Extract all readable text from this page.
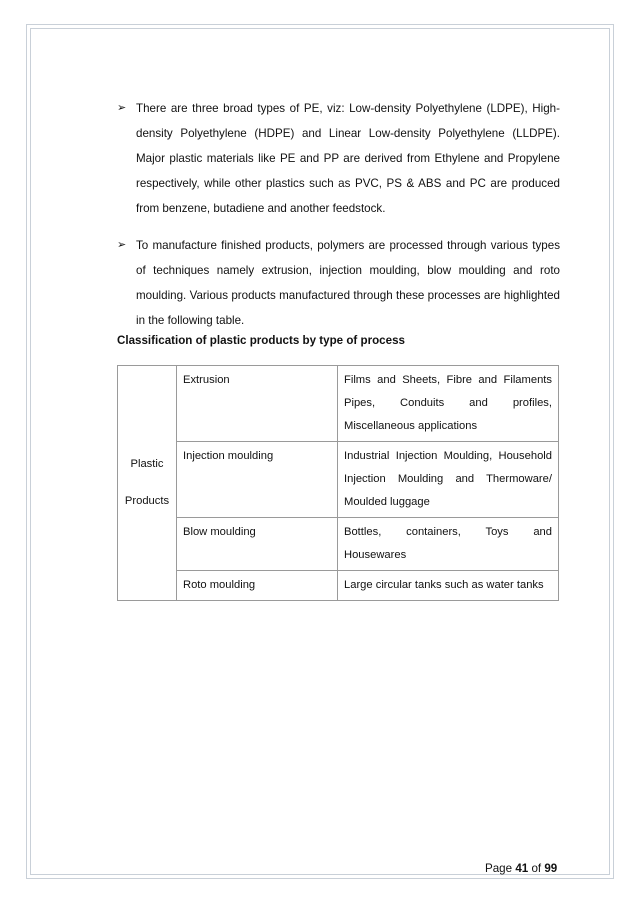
➢ There are three broad types of PE, viz: Low-density Polyethylene (LDPE), High-density Polyethylene (HDPE) and Linear Low-density Polyethylene (LLDPE). Major plastic materials like PE and PP are derived from Ethylene and Propylene respectively, while other plastics such as PVC, PS & ABS and PC are produced from benzene, butadiene and another feedstock.
➢ To manufacture finished products, polymers are processed through various types of techniques namely extrusion, injection moulding, blow moulding and roto moulding. Various products manufactured through these processes are highlighted in the following table.
Classification of plastic products by type of process
Plastic
Products	Extrusion	Films and Sheets, Fibre and Filaments Pipes, Conduits and profiles, Miscellaneous applications
	Injection moulding	Industrial Injection Moulding, Household Injection Moulding and Thermoware/ Moulded luggage
	Blow moulding	Bottles, containers, Toys and Housewares
	Roto moulding	Large circular tanks such as water tanks
Page 41 of 99
